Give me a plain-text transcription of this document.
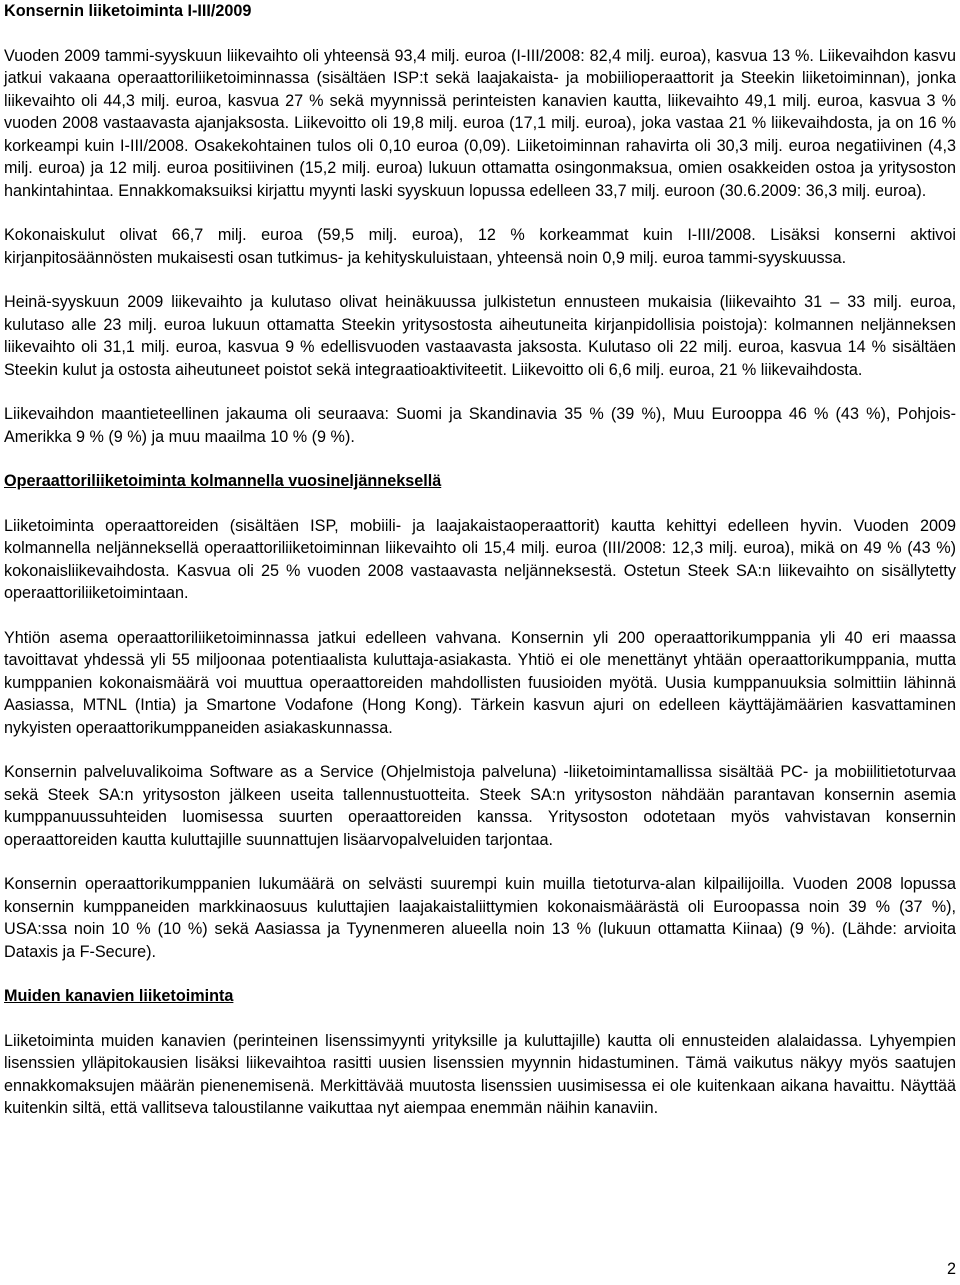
Konsernin liiketoiminta I-III/2009

Vuoden 2009 tammi-syyskuun liikevaihto oli yhteensä 93,4 milj. euroa (I-III/2008: 82,4 milj. euroa), kasvua 13 %. Liikevaihdon kasvu jatkui vakaana operaattoriliiketoiminnassa (sisältäen ISP:t sekä laajakaista- ja mobiilioperaattorit ja Steekin liiketoiminnan), jonka liikevaihto oli 44,3 milj. euroa, kasvua 27 % sekä myynnissä perinteisten kanavien kautta, liikevaihto 49,1 milj. euroa, kasvua 3 % vuoden 2008 vastaavasta ajanjaksosta. Liikevoitto oli 19,8 milj. euroa (17,1 milj. euroa), joka vastaa 21 % liikevaihdosta, ja on 16 % korkeampi kuin I-III/2008. Osakekohtainen tulos oli 0,10 euroa (0,09). Liiketoiminnan rahavirta oli 30,3 milj. euroa negatiivinen (4,3 milj. euroa) ja 12 milj. euroa positiivinen (15,2 milj. euroa) lukuun ottamatta osingonmaksua, omien osakkeiden ostoa ja yritysoston hankintahintaa. Ennakkomaksuiksi kirjattu myynti laski syyskuun lopussa edelleen 33,7 milj. euroon (30.6.2009: 36,3 milj. euroa).

Kokonaiskulut olivat 66,7 milj. euroa (59,5 milj. euroa), 12 % korkeammat kuin I-III/2008. Lisäksi konserni aktivoi kirjanpitosäännösten mukaisesti osan tutkimus- ja kehityskuluistaan, yhteensä noin 0,9 milj. euroa tammi-syyskuussa.

Heinä-syyskuun 2009 liikevaihto ja kulutaso olivat heinäkuussa julkistetun ennusteen mukaisia (liikevaihto 31 – 33 milj. euroa, kulutaso alle 23 milj. euroa lukuun ottamatta Steekin yritysostosta aiheutuneita kirjanpidollisia poistoja): kolmannen neljänneksen liikevaihto oli 31,1 milj. euroa, kasvua 9 % edellisvuoden vastaavasta jaksosta. Kulutaso oli 22 milj. euroa, kasvua 14 % sisältäen Steekin kulut ja ostosta aiheutuneet poistot sekä integraatioaktiviteetit. Liikevoitto oli 6,6 milj. euroa, 21 % liikevaihdosta.

Liikevaihdon maantieteellinen jakauma oli seuraava: Suomi ja Skandinavia 35 % (39 %), Muu Eurooppa 46 % (43 %), Pohjois-Amerikka 9 % (9 %) ja muu maailma 10 % (9 %).

Operaattoriliiketoiminta kolmannella vuosineljänneksellä

Liiketoiminta operaattoreiden (sisältäen ISP, mobiili- ja laajakaistaoperaattorit) kautta kehittyi edelleen hyvin. Vuoden 2009 kolmannella neljänneksellä operaattoriliiketoiminnan liikevaihto oli 15,4 milj. euroa (III/2008: 12,3 milj. euroa), mikä on 49 % (43 %) kokonaisliikevaihdosta. Kasvua oli 25 % vuoden 2008 vastaavasta neljänneksestä. Ostetun Steek SA:n liikevaihto on sisällytetty operaattoriliiketoimintaan.

Yhtiön asema operaattoriliiketoiminnassa jatkui edelleen vahvana. Konsernin yli 200 operaattorikumppania yli 40 eri maassa tavoittavat yhdessä yli 55 miljoonaa potentiaalista kuluttaja-asiakasta. Yhtiö ei ole menettänyt yhtään operaattorikumppania, mutta kumppanien kokonaismäärä voi muuttua operaattoreiden mahdollisten fuusioiden myötä. Uusia kumppanuuksia solmittiin lähinnä Aasiassa, MTNL (Intia) ja Smartone Vodafone (Hong Kong). Tärkein kasvun ajuri on edelleen käyttäjämäärien kasvattaminen nykyisten operaattorikumppaneiden asiakaskunnassa.

Konsernin palveluvalikoima Software as a Service (Ohjelmistoja palveluna) -liiketoimintamallissa sisältää PC- ja mobiilitietoturvaa sekä Steek SA:n yritysoston jälkeen useita tallennustuotteita. Steek SA:n yritysoston nähdään parantavan konsernin asemia kumppanuussuhteiden luomisessa suurten operaattoreiden kanssa. Yritysoston odotetaan myös vahvistavan konsernin operaattoreiden kautta kuluttajille suunnattujen lisäarvopalveluiden tarjontaa.

Konsernin operaattorikumppanien lukumäärä on selvästi suurempi kuin muilla tietoturva-alan kilpailijoilla. Vuoden 2008 lopussa konsernin kumppaneiden markkinaosuus kuluttajien laajakaistaliittymien kokonaismäärästä oli Euroopassa noin 39 % (37 %), USA:ssa noin 10 % (10 %) sekä Aasiassa ja Tyynenmeren alueella noin 13 % (lukuun ottamatta Kiinaa) (9 %). (Lähde: arvioita Dataxis ja F-Secure).

Muiden kanavien liiketoiminta

Liiketoiminta muiden kanavien (perinteinen lisenssimyynti yrityksille ja kuluttajille) kautta oli ennusteiden alalaidassa. Lyhyempien lisenssien ylläpitokausien lisäksi liikevaihtoa rasitti uusien lisenssien myynnin hidastuminen. Tämä vaikutus näkyy myös saatujen ennakkomaksujen määrän pienenemisenä. Merkittävää muutosta lisenssien uusimisessa ei ole kuitenkaan aikana havaittu. Näyttää kuitenkin siltä, että vallitseva taloustilanne vaikuttaa nyt aiempaa enemmän näihin kanaviin.

2
